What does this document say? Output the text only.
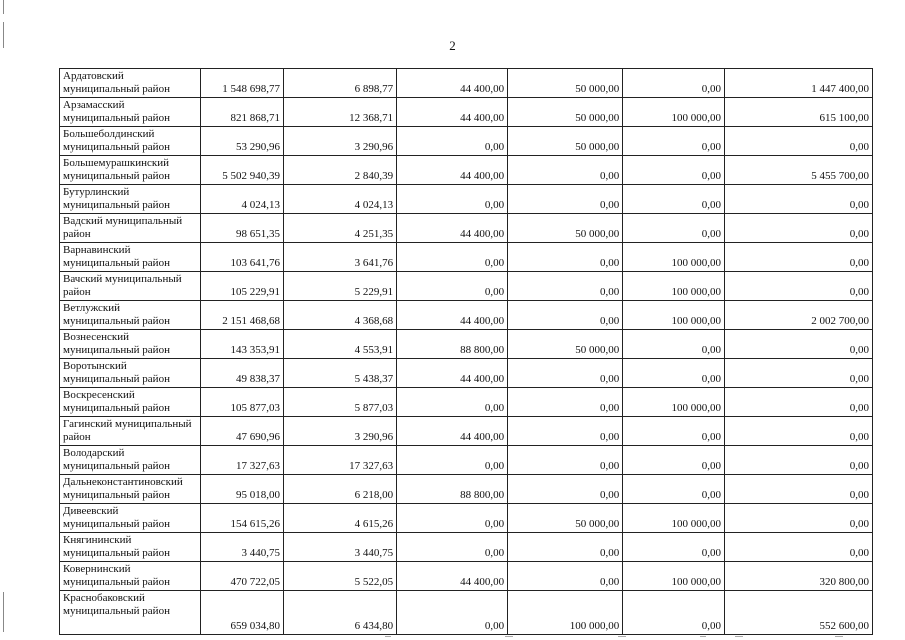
2
Ардатовский муниципальный район	1 548 698,77	6 898,77	44 400,00	50 000,00	0,00	1 447 400,00
Арзамасский муниципальный район	821 868,71	12 368,71	44 400,00	50 000,00	100 000,00	615 100,00
Большеболдинский муниципальный район	53 290,96	3 290,96	0,00	50 000,00	0,00	0,00
Большемурашкинский муниципальный район	5 502 940,39	2 840,39	44 400,00	0,00	0,00	5 455 700,00
Бутурлинский муниципальный район	4 024,13	4 024,13	0,00	0,00	0,00	0,00
Вадский муниципальный район	98 651,35	4 251,35	44 400,00	50 000,00	0,00	0,00
Варнавинский муниципальный район	103 641,76	3 641,76	0,00	0,00	100 000,00	0,00
Вачский муниципальный район	105 229,91	5 229,91	0,00	0,00	100 000,00	0,00
Ветлужский муниципальный район	2 151 468,68	4 368,68	44 400,00	0,00	100 000,00	2 002 700,00
Вознесенский муниципальный район	143 353,91	4 553,91	88 800,00	50 000,00	0,00	0,00
Воротынский муниципальный район	49 838,37	5 438,37	44 400,00	0,00	0,00	0,00
Воскресенский муниципальный район	105 877,03	5 877,03	0,00	0,00	100 000,00	0,00
Гагинский муниципальный район	47 690,96	3 290,96	44 400,00	0,00	0,00	0,00
Володарский муниципальный район	17 327,63	17 327,63	0,00	0,00	0,00	0,00
Дальнеконстантиновский муниципальный район	95 018,00	6 218,00	88 800,00	0,00	0,00	0,00
Дивеевский муниципальный район	154 615,26	4 615,26	0,00	50 000,00	100 000,00	0,00
Княгининский муниципальный район	3 440,75	3 440,75	0,00	0,00	0,00	0,00
Ковернинский муниципальный район	470 722,05	5 522,05	44 400,00	0,00	100 000,00	320 800,00
Краснобаковский муниципальный район	659 034,80	6 434,80	0,00	100 000,00	0,00	552 600,00
